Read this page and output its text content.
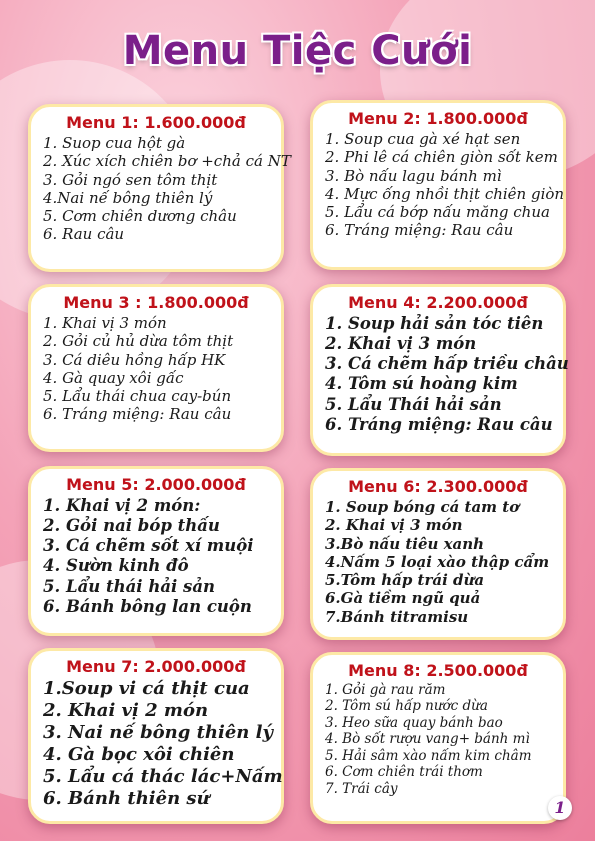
Menu Tiệc Cưới
Menu 1: 1.600.000đ
1. Suop cua hột gà
2. Xúc xích chiên bơ +chả cá NT
3. Gỏi ngó sen tôm thịt
4.Nai nế bông thiên lý
5. Cơm chiên dương châu
6. Rau câu
Menu 2: 1.800.000đ
1. Soup cua gà xé hạt sen
2. Phi lê cá chiên giòn sốt kem
3. Bò nấu lagu bánh mì
4. Mực ống nhồi thịt chiên giòn
5. Lẩu cá bớp nấu măng chua
6. Tráng miệng: Rau câu
Menu 3 : 1.800.000đ
1. Khai vị 3 món
2. Gỏi củ hủ dừa tôm thịt
3. Cá diêu hồng hấp HK
4. Gà quay xôi gấc
5. Lẩu thái chua cay-bún
6. Tráng miệng: Rau câu
Menu 4: 2.200.000đ
1. Soup hải sản tóc tiên
2. Khai vị 3 món
3. Cá chẽm hấp triều châu
4. Tôm sú hoàng kim
5. Lẩu Thái hải sản
6. Tráng miệng: Rau câu
Menu 5: 2.000.000đ
1. Khai vị 2 món:
2. Gỏi nai bóp thấu
3. Cá chẽm sốt xí muội
4. Sườn kinh đô
5. Lẩu thái hải sản
6. Bánh bông lan cuộn
Menu 6: 2.300.000đ
1. Soup bóng cá tam tơ
2. Khai vị 3 món
3.Bò nấu tiêu xanh
4.Nấm 5 loại xào thập cẩm
5.Tôm hấp trái dừa
6.Gà tiềm ngũ quả
7.Bánh titramisu
Menu 7: 2.000.000đ
1.Soup vi cá thịt cua
2. Khai vị 2 món
3. Nai nế bông thiên lý
4. Gà bọc xôi chiên
5. Lẩu cá thác lác+Nấm
6. Bánh thiên sứ
Menu 8: 2.500.000đ
1. Gỏi gà rau răm
2. Tôm sú hấp nước dừa
3. Heo sữa quay bánh bao
4. Bò sốt rượu vang+ bánh mì
5. Hải sâm xào nấm kim châm
6. Cơm chiên trái thơm
7. Trái cây
1
